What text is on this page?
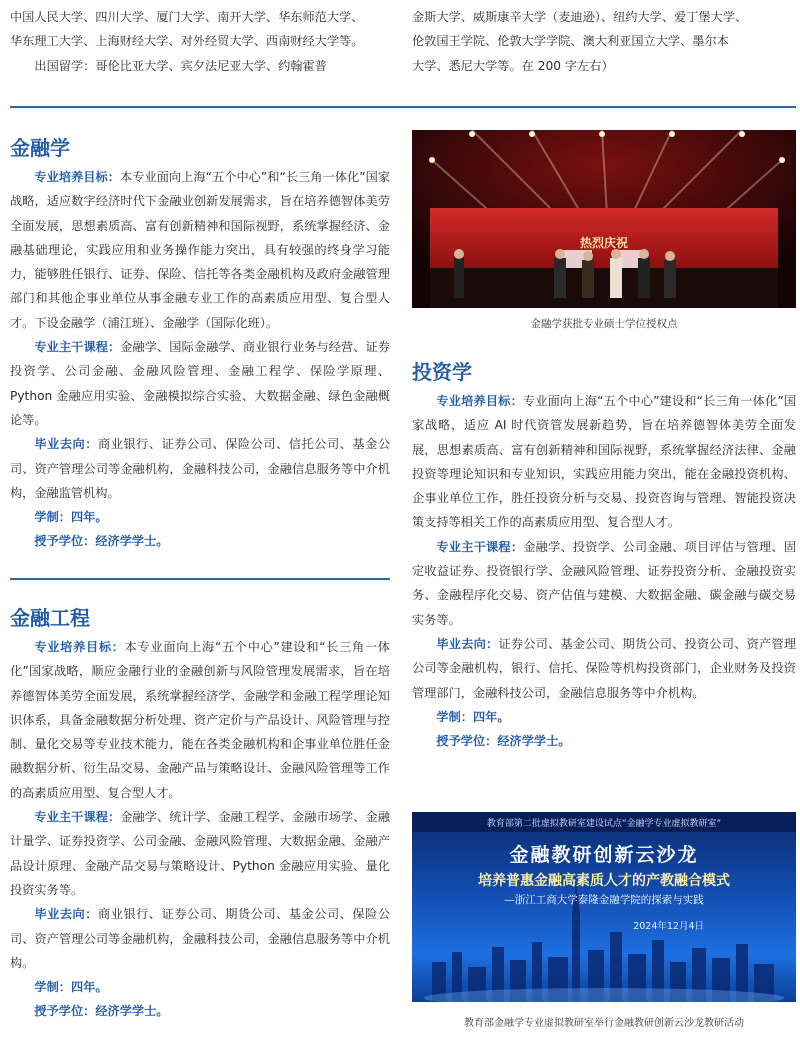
中国人民大学、四川大学、厦门大学、南开大学、华东师范大学、

华东理工大学、上海财经大学、对外经贸大学、西南财经大学等。

出国留学：哥伦比亚大学、宾夕法尼亚大学、约翰霍普

金斯大学、威斯康辛大学（麦迪逊）、纽约大学、爱丁堡大学、

伦敦国王学院、伦敦大学学院、澳大利亚国立大学、墨尔本

大学、悉尼大学等。在 200 字左右）

金融学

专业培养目标：本专业面向上海“五个中心”和“长三角一体化”国家战略，适应数字经济时代下金融业创新发展需求，旨在培养德智体美劳全面发展，思想素质高、富有创新精神和国际视野，系统掌握经济、金融基础理论，实践应用和业务操作能力突出，具有较强的终身学习能力，能够胜任银行、证券、保险、信托等各类金融机构及政府金融管理部门和其他企事业单位从事金融专业工作的高素质应用型、复合型人才。下设金融学（浦江班）、金融学（国际化班）。

专业主干课程：金融学、国际金融学、商业银行业务与经营、证券投资学、公司金融、金融风险管理、金融工程学、保险学原理、Python 金融应用实验、金融模拟综合实验、大数据金融、绿色金融概论等。

毕业去向：商业银行、证券公司、保险公司、信托公司、基金公司、资产管理公司等金融机构，金融科技公司，金融信息服务等中介机构，金融监管机构。

学制：四年。

授予学位：经济学学士。

金融工程

专业培养目标：本专业面向上海“五个中心”建设和“长三角一体化”国家战略，顺应金融行业的金融创新与风险管理发展需求，旨在培养德智体美劳全面发展，系统掌握经济学、金融学和金融工程学理论知识体系，具备金融数据分析处理、资产定价与产品设计、风险管理与控制、量化交易等专业技术能力，能在各类金融机构和企事业单位胜任金融数据分析、衍生品交易、金融产品与策略设计、金融风险管理等工作的高素质应用型、复合型人才。

专业主干课程：金融学、统计学、金融工程学、金融市场学、金融计量学、证券投资学、公司金融、金融风险管理、大数据金融、金融产品设计原理、金融产品交易与策略设计、Python 金融应用实验、量化投资实务等。

毕业去向：商业银行、证券公司、期货公司、基金公司、保险公司、资产管理公司等金融机构，金融科技公司，金融信息服务等中介机构。

学制：四年。

授予学位：经济学学士。

热烈庆祝
金融学获批专业硕士学位授权点
投资学

专业培养目标：专业面向上海“五个中心”建设和“长三角一体化”国家战略，适应 AI 时代资管发展新趋势，旨在培养德智体美劳全面发展，思想素质高、富有创新精神和国际视野，系统掌握经济法律、金融投资等理论知识和专业知识，实践应用能力突出，能在金融投资机构、企事业单位工作，胜任投资分析与交易、投资咨询与管理、智能投资决策支持等相关工作的高素质应用型、复合型人才。

专业主干课程：金融学、投资学、公司金融、项目评估与管理、固定收益证券、投资银行学、金融风险管理、证券投资分析、金融投资实务、金融程序化交易、资产估值与建模、大数据金融、碳金融与碳交易实务等。

毕业去向：证券公司、基金公司、期货公司、投资公司、资产管理公司等金融机构，银行、信托、保险等机构投资部门，企业财务及投资管理部门，金融科技公司，金融信息服务等中介机构。

学制：四年。

授予学位：经济学学士。

教育部第二批虚拟教研室建设试点“金融学专业虚拟教研室”
金融教研创新云沙龙
培养普惠金融高素质人才的产教融合模式
—浙江工商大学泰隆金融学院的探索与实践
2024年12月4日
教育部金融学专业虚拟教研室举行金融教研创新云沙龙教研活动
